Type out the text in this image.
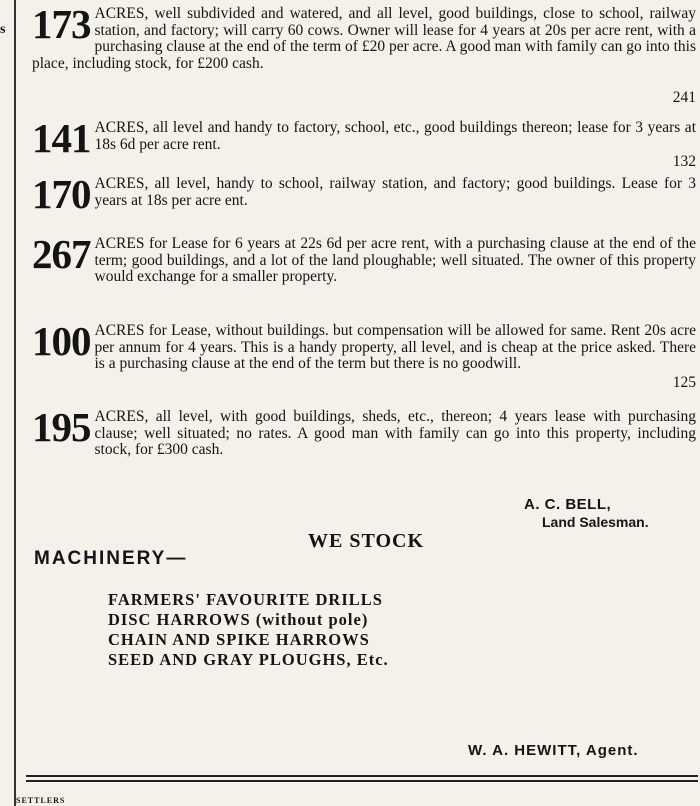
s 173 ACRES, well subdivided and watered, and all level, good buildings, close to school, railway station, and factory; will carry 60 cows. Owner will lease for 4 years at 20s per acre rent, with a purchasing clause at the end of the term of £20 per acre. A good man with family can go into this place, including stock, for £200 cash.

241
141 ACRES, all level and handy to factory, school, etc., good buildings thereon; lease for 3 years at 18s 6d per acre rent.

132
170 ACRES, all level, handy to school, railway station, and factory; good buildings. Lease for 3 years at 18s per acre ent.

267 ACRES for Lease for 6 years at 22s 6d per acre rent, with a purchasing clause at the end of the term; good buildings, and a lot of the land ploughable; well situated. The owner of this property would exchange for a smaller property.

100 ACRES for Lease, without buildings. but compensation will be allowed for same. Rent 20s acre per annum for 4 years. This is a handy property, all level, and is cheap at the price asked. There is a purchasing clause at the end of the term but there is no goodwill.

125
195 ACRES, all level, with good buildings, sheds, etc., thereon; 4 years lease with purchasing clause; well situated; no rates. A good man with family can go into this property, including stock, for £300 cash.

A. C. BELL,
Land Salesman.
WE STOCK
MACHINERY—
FARMERS' FAVOURITE DRILLS
DISC HARROWS (without pole)
CHAIN AND SPIKE HARROWS
SEED AND GRAY PLOUGHS, Etc.
W. A. HEWITT, Agent.
SETTLERS
